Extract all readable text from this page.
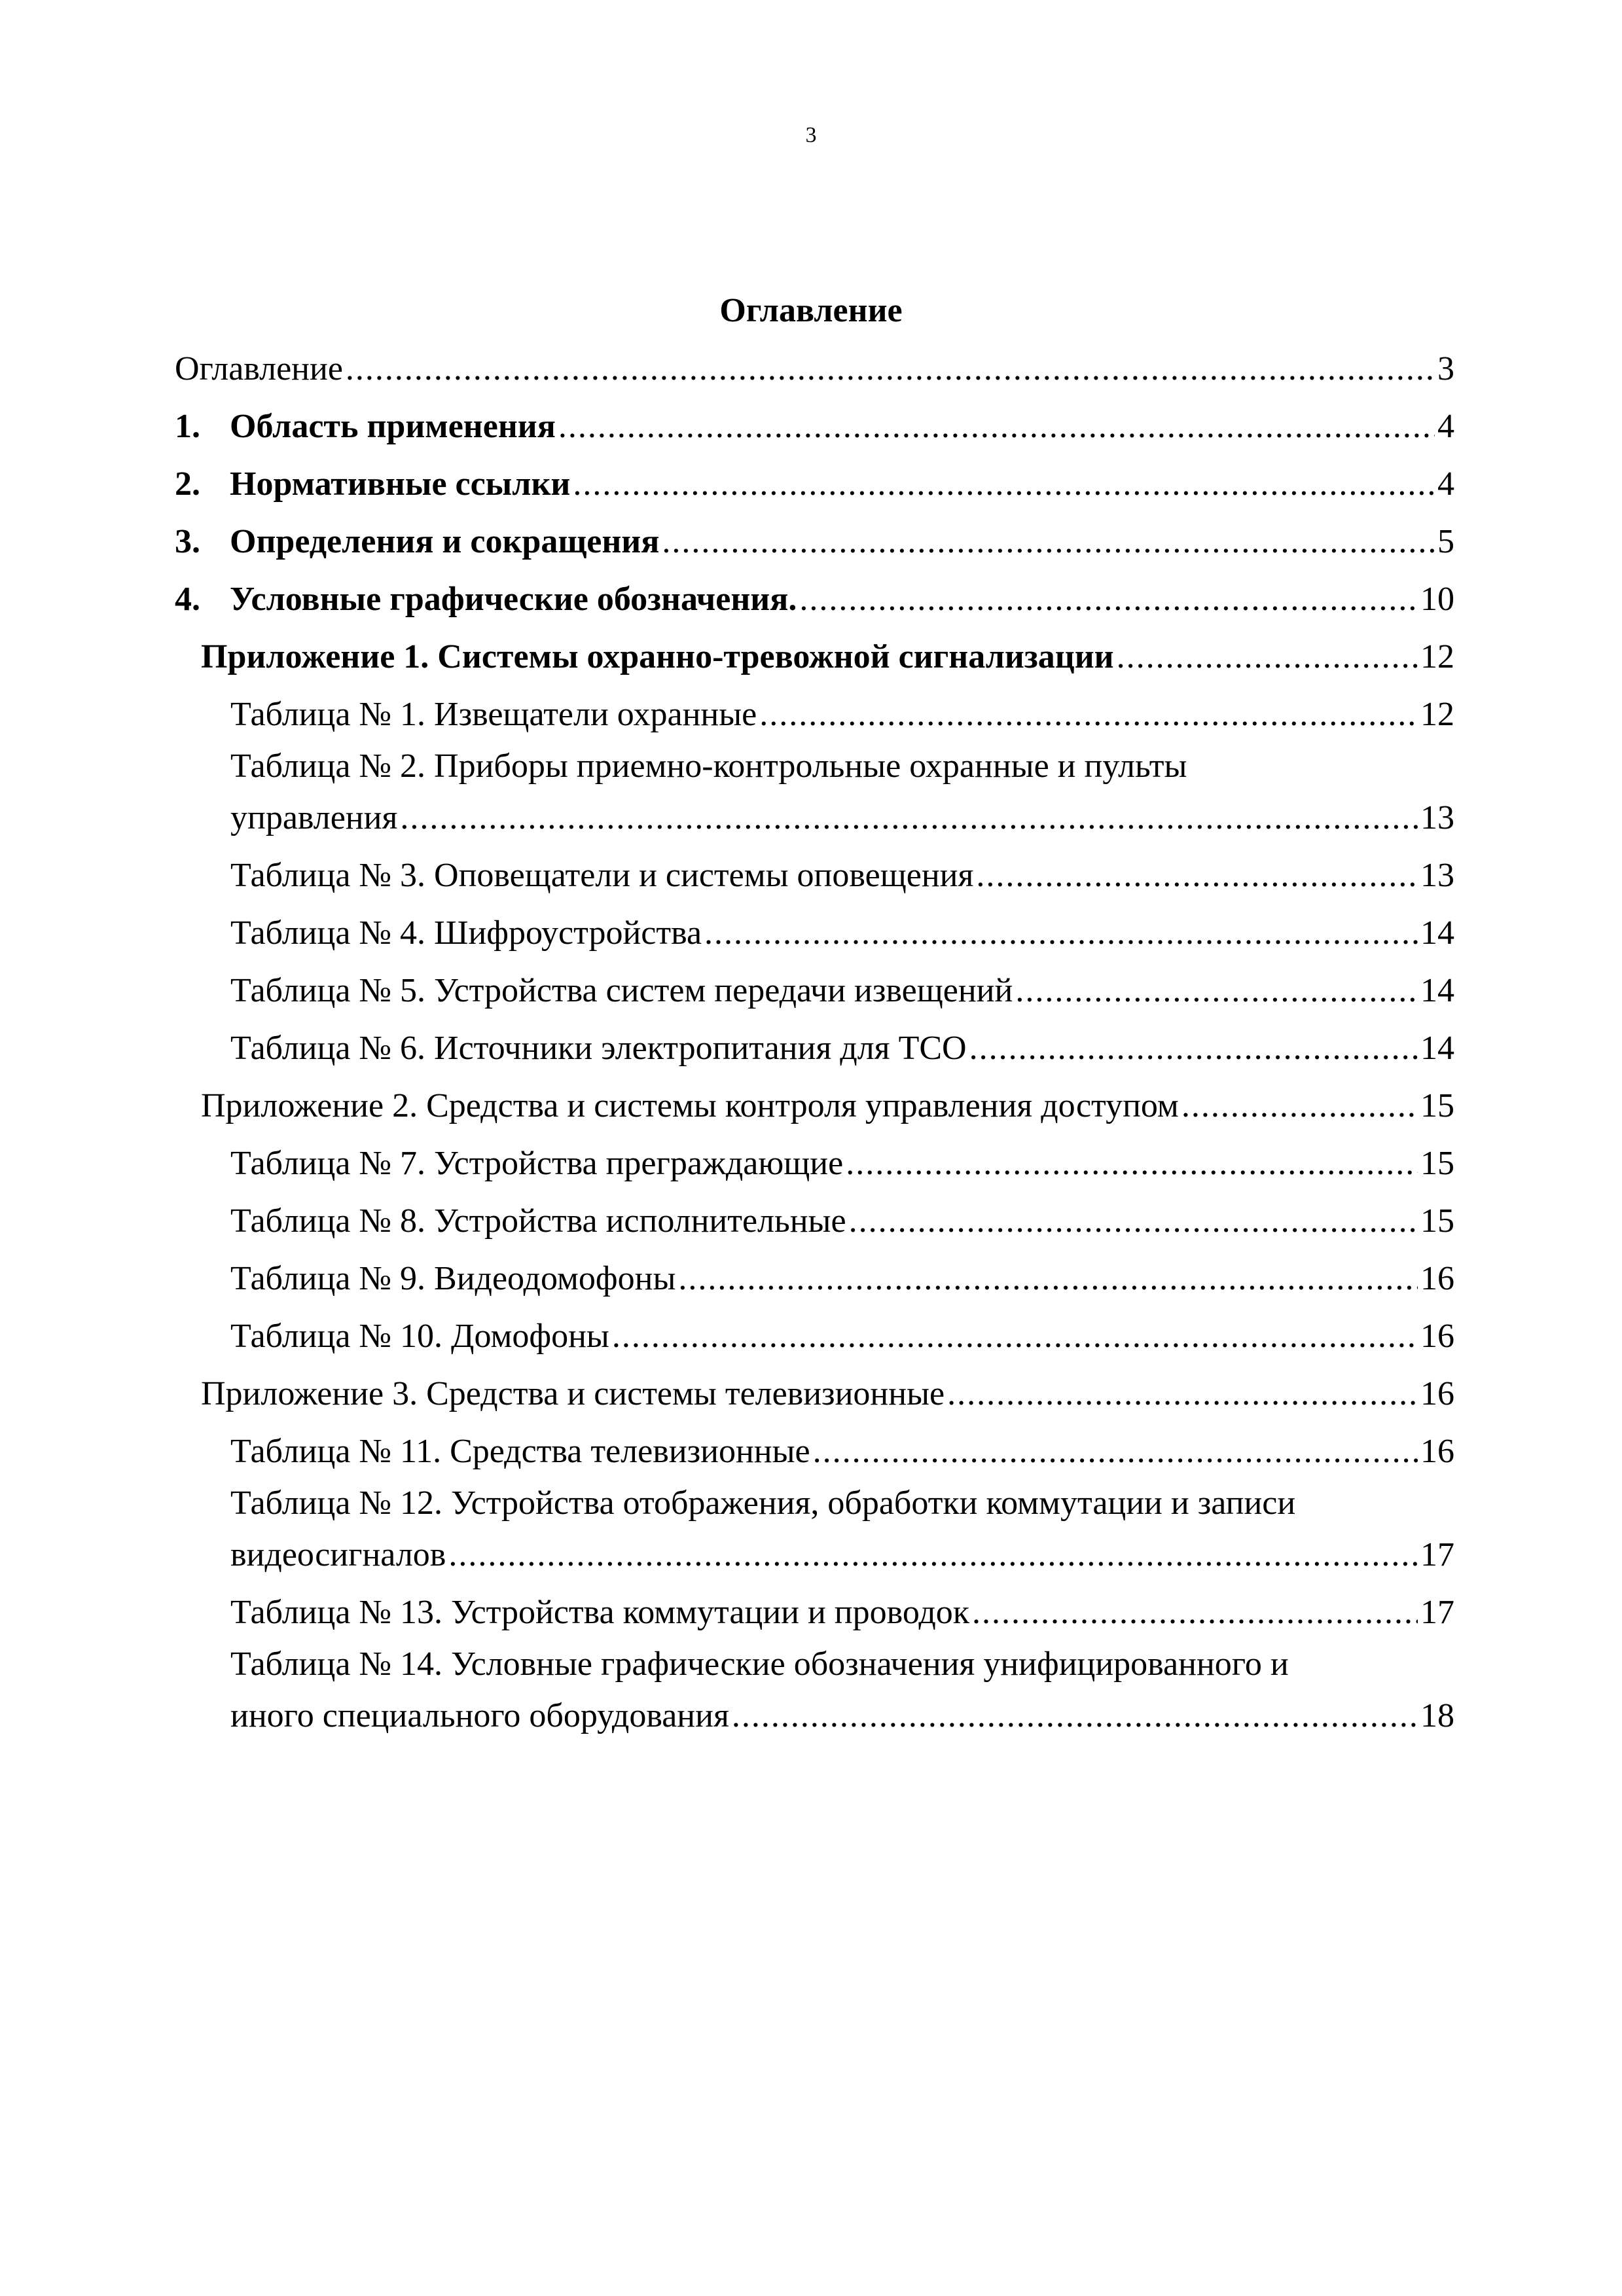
3
Оглавление
Оглавление .....	3
1. Область применения .....	4
2. Нормативные ссылки .....	4
3. Определения и сокращения .....	5
4. Условные графические обозначения. .....	10
Приложение 1. Системы охранно-тревожной сигнализации .....	12
Таблица № 1. Извещатели охранные .....	12
Таблица № 2. Приборы приемно-контрольные охранные и пульты
управления .....	13
Таблица № 3. Оповещатели и системы оповещения .....	13
Таблица № 4. Шифроустройства .....	14
Таблица № 5. Устройства систем передачи извещений .....	14
Таблица № 6. Источники электропитания для ТСО .....	14
Приложение 2. Средства и системы контроля управления доступом .....	15
Таблица № 7. Устройства преграждающие .....	15
Таблица № 8. Устройства исполнительные .....	15
Таблица № 9. Видеодомофоны .....	16
Таблица № 10. Домофоны .....	16
Приложение 3. Средства и системы телевизионные .....	16
Таблица № 11. Средства телевизионные .....	16
Таблица № 12. Устройства отображения, обработки коммутации и записи
видеосигналов .....	17
Таблица № 13. Устройства коммутации и проводок .....	17
Таблица № 14. Условные графические обозначения унифицированного и
иного специального оборудования .....	18
